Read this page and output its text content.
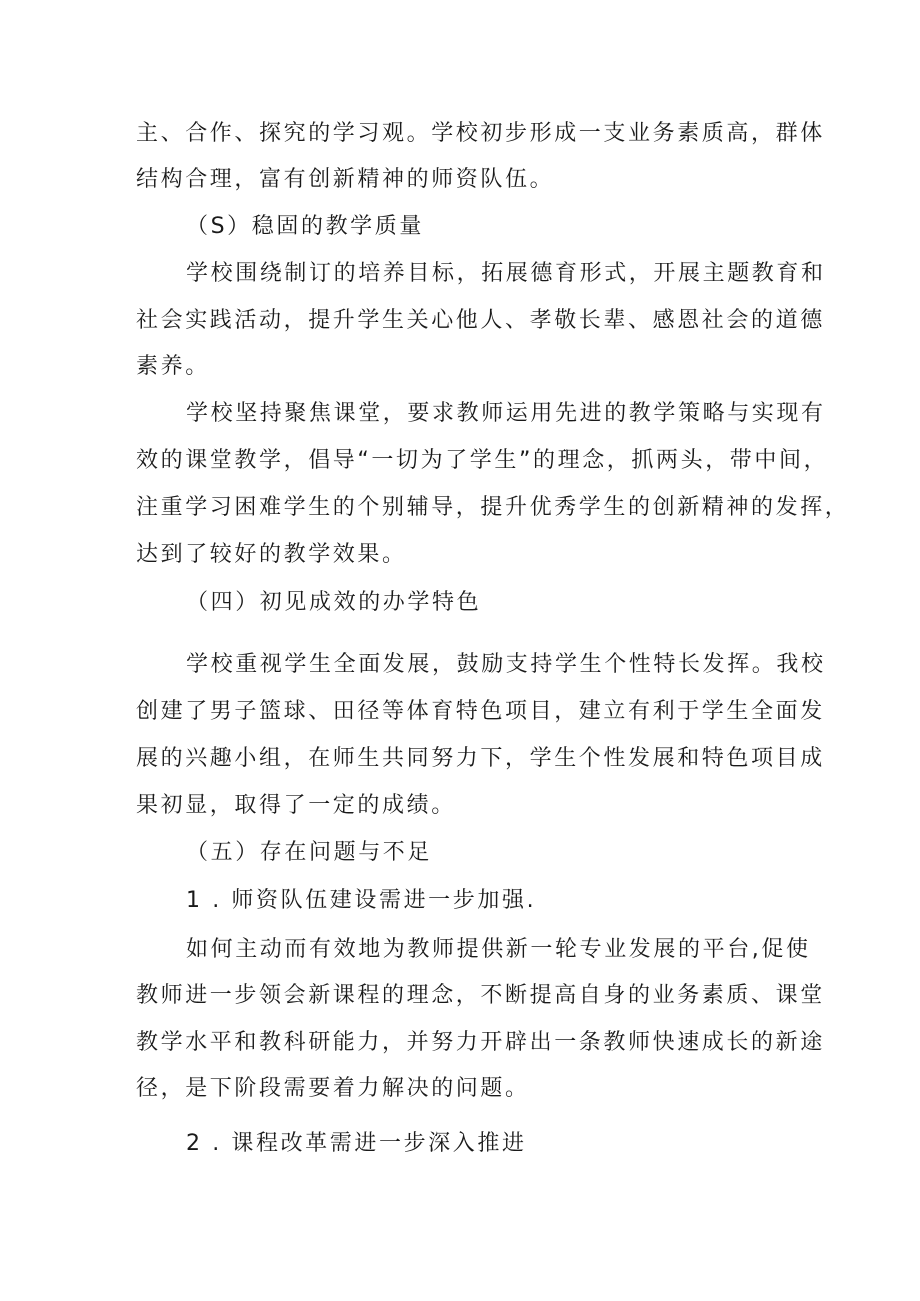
主、合作、探究的学习观。学校初步形成一支业务素质高，群体
结构合理，富有创新精神的师资队伍。
（S）稳固的教学质量
学校围绕制订的培养目标，拓展德育形式，开展主题教育和
社会实践活动，提升学生关心他人、孝敬长辈、感恩社会的道德
素养。
学校坚持聚焦课堂，要求教师运用先进的教学策略与实现有
效的课堂教学，倡导“一切为了学生”的理念，抓两头，带中间，
注重学习困难学生的个别辅导，提升优秀学生的创新精神的发挥，
达到了较好的教学效果。
（四）初见成效的办学特色
学校重视学生全面发展，鼓励支持学生个性特长发挥。我校
创建了男子篮球、田径等体育特色项目，建立有利于学生全面发
展的兴趣小组，在师生共同努力下，学生个性发展和特色项目成
果初显，取得了一定的成绩。
（五）存在问题与不足
1 . 师资队伍建设需进一步加强.
如何主动而有效地为教师提供新一轮专业发展的平台,促使
教师进一步领会新课程的理念，不断提高自身的业务素质、课堂
教学水平和教科研能力，并努力开辟出一条教师快速成长的新途
径，是下阶段需要着力解决的问题。
2 . 课程改革需进一步深入推进
